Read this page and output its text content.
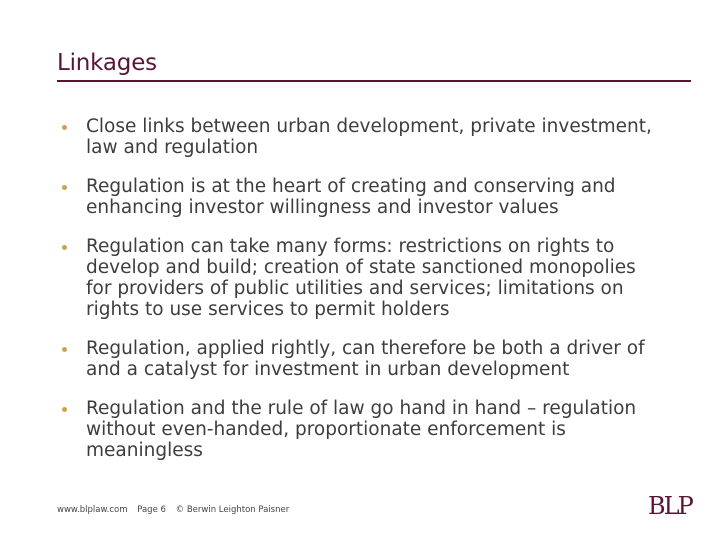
Linkages
Close links between urban development, private investment, law and regulation
Regulation is at the heart of creating and conserving and enhancing investor willingness and investor values
Regulation can take many forms: restrictions on rights to develop and build; creation of state sanctioned monopolies for providers of public utilities and services; limitations on rights to use services to permit holders
Regulation, applied rightly, can therefore be both a driver of and a catalyst for investment in urban development
Regulation and the rule of law go hand in hand – regulation without even-handed, proportionate enforcement is meaningless
www.blplaw.com Page 6 © Berwin Leighton Paisner	BLP
